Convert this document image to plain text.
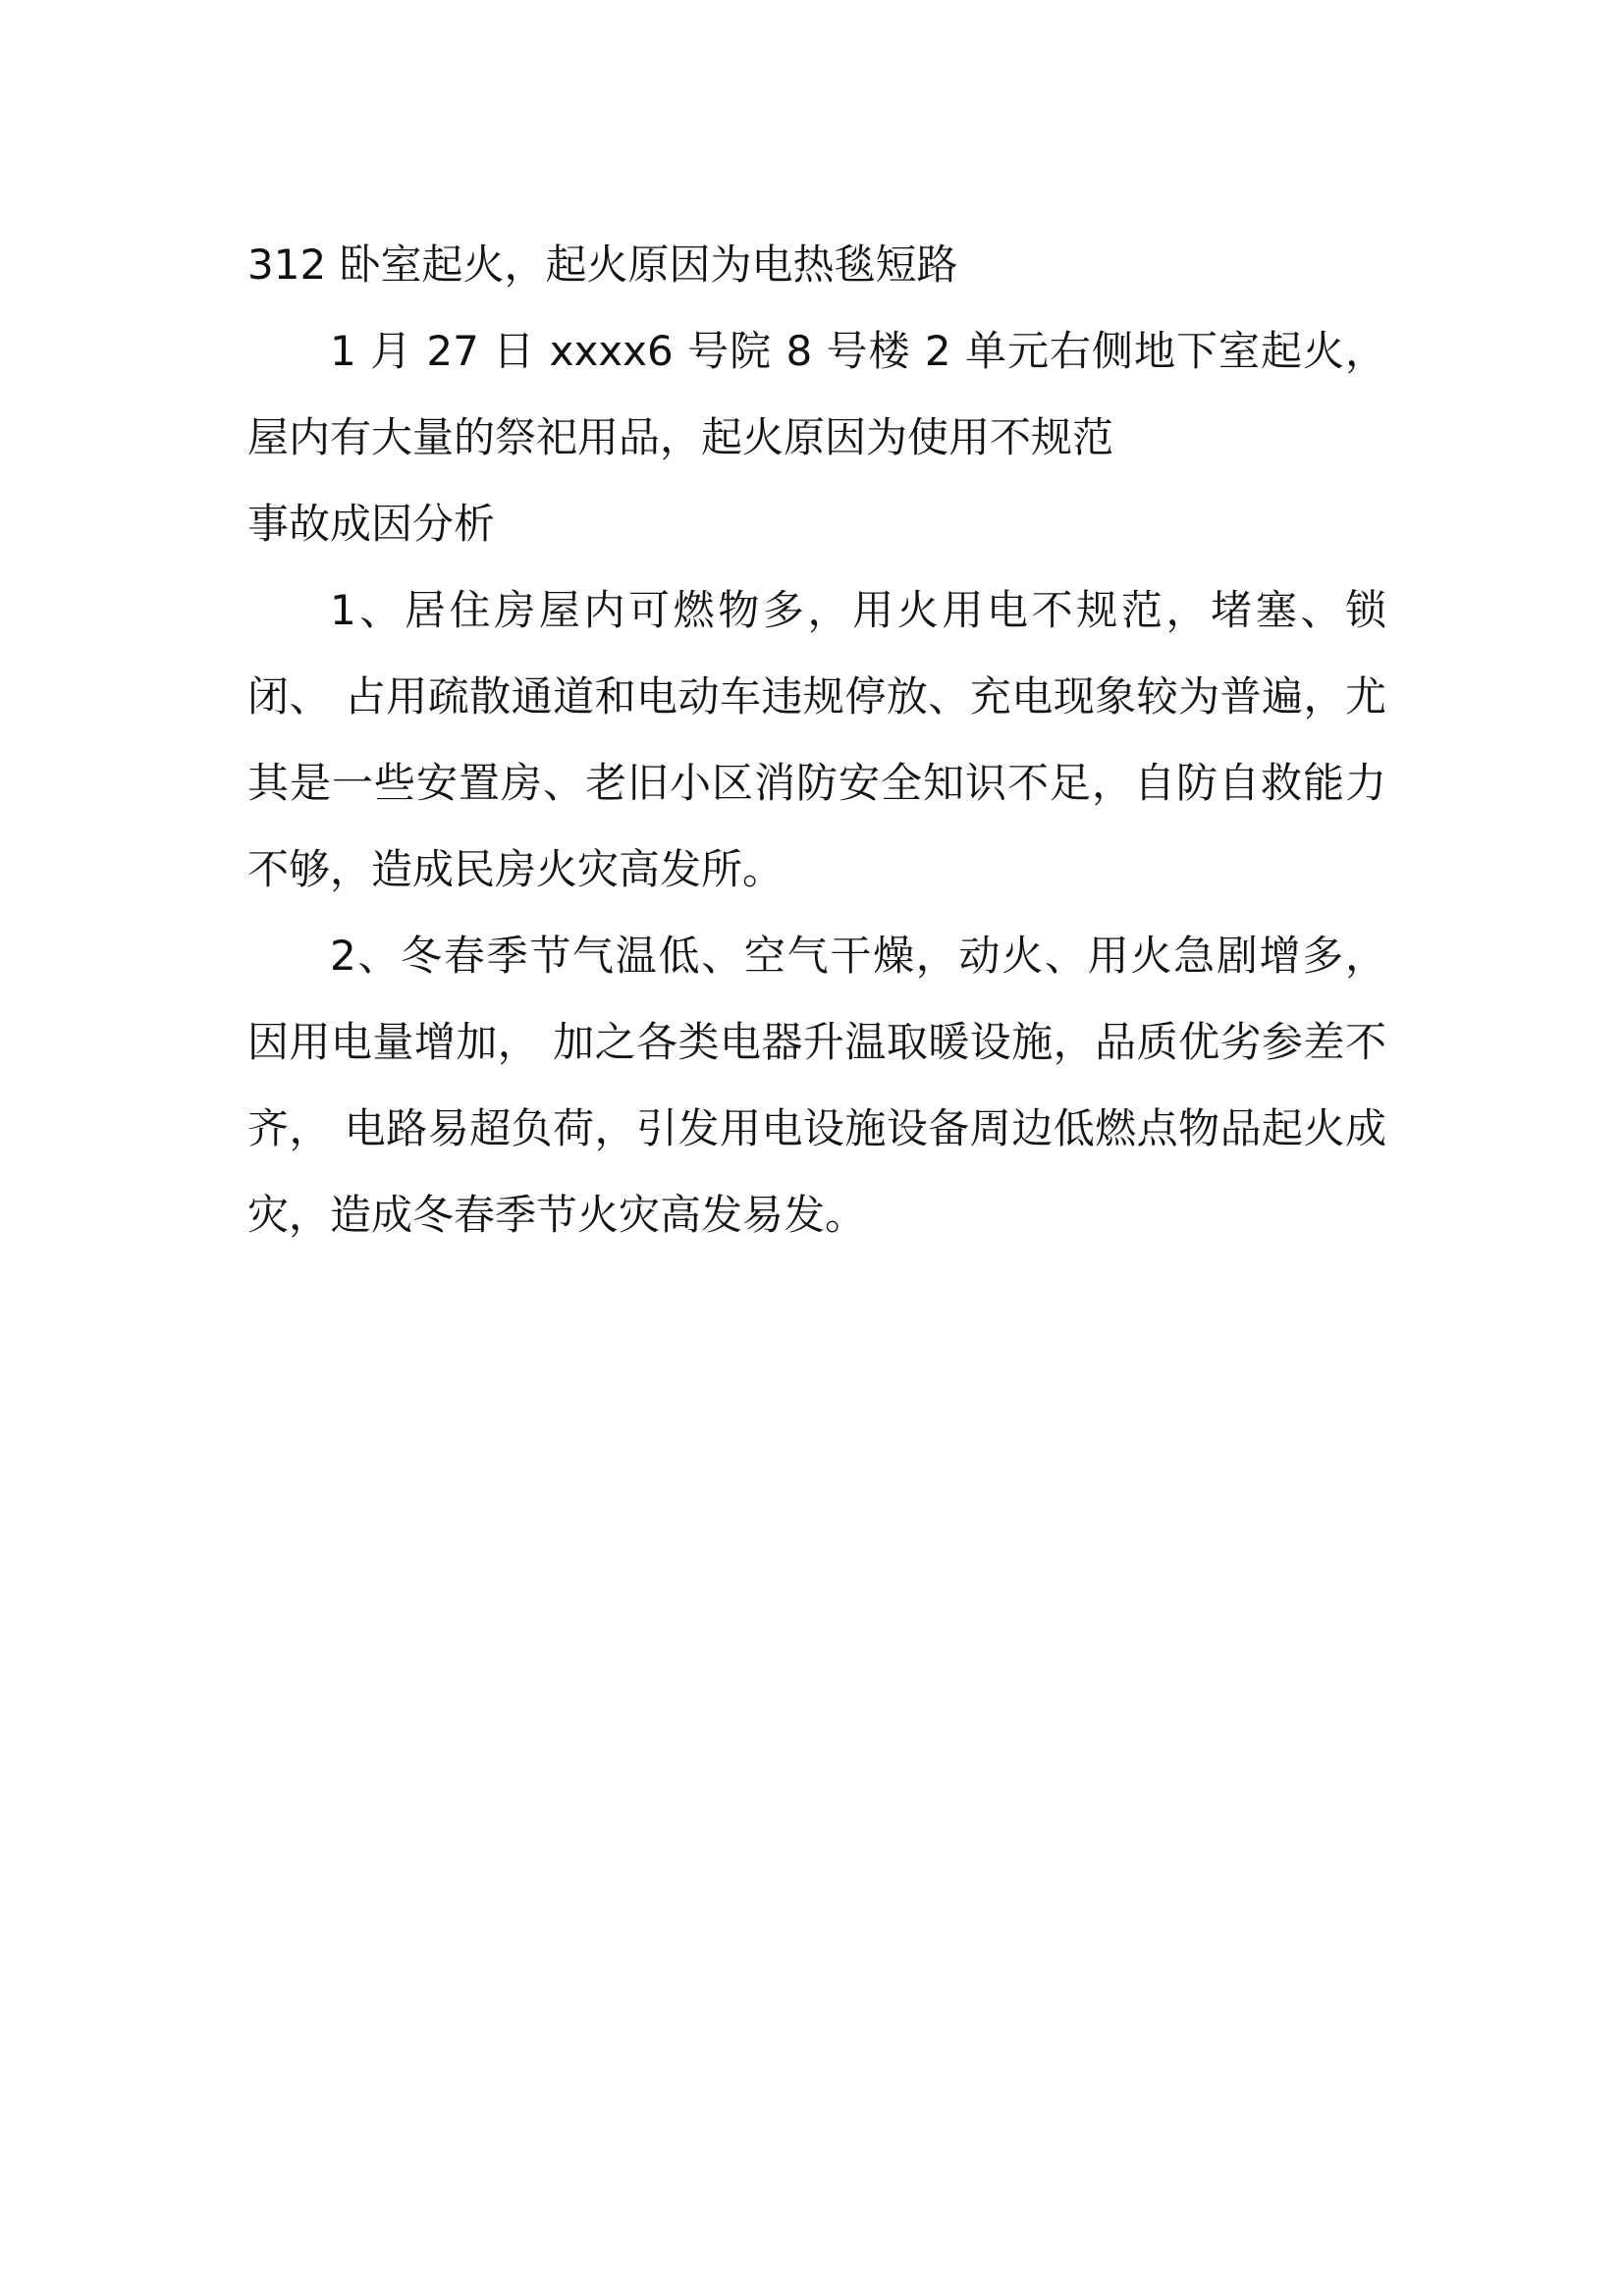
312 卧室起火，起火原因为电热毯短路

1 月 27 日 xxxx6 号院 8 号楼 2 单元右侧地下室起火，屋内有大量的祭祀用品，起火原因为使用不规范

事故成因分析

1、居住房屋内可燃物多，用火用电不规范，堵塞、锁闭、 占用疏散通道和电动车违规停放、充电现象较为普遍，尤其是一些安置房、老旧小区消防安全知识不足，自防自救能力不够，造成民房火灾高发所。

2、冬春季节气温低、空气干燥，动火、用火急剧增多，因用电量增加， 加之各类电器升温取暖设施，品质优劣参差不齐， 电路易超负荷，引发用电设施设备周边低燃点物品起火成灾，造成冬春季节火灾高发易发。
